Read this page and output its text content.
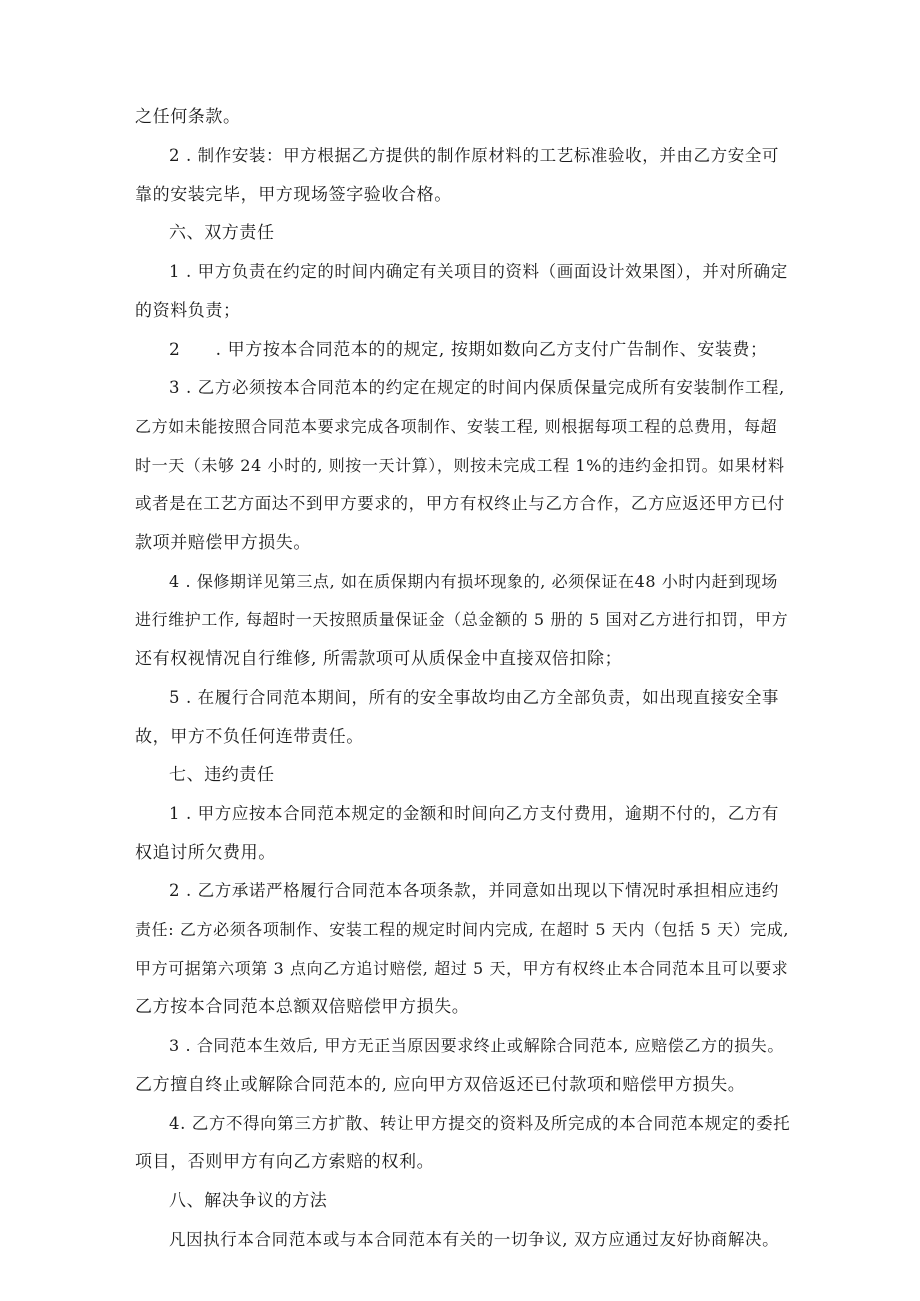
之任何条款。
2 . 制作安装：甲方根据乙方提供的制作原材料的工艺标准验收，并由乙方安全可
靠的安装完毕，甲方现场签字验收合格。
六、双方责任
1 . 甲方负责在约定的时间内确定有关项目的资料（画面设计效果图），并对所确定
的资料负责；
2　　. 甲方按本合同范本的的规定, 按期如数向乙方支付广告制作、安装费；
3 . 乙方必须按本合同范本的约定在规定的时间内保质保量完成所有安装制作工程,
乙方如未能按照合同范本要求完成各项制作、安装工程, 则根据每项工程的总费用，每超
时一天（未够 24 小时的, 则按一天计算），则按未完成工程 1%的违约金扣罚。如果材料
或者是在工艺方面达不到甲方要求的，甲方有权终止与乙方合作，乙方应返还甲方已付
款项并赔偿甲方损失。
4 . 保修期详见第三点, 如在质保期内有损坏现象的, 必须保证在48 小时内赶到现场
进行维护工作, 每超时一天按照质量保证金（总金额的 5 册的 5 国对乙方进行扣罚，甲方
还有权视情况自行维修, 所需款项可从质保金中直接双倍扣除；
5 . 在履行合同范本期间，所有的安全事故均由乙方全部负责，如出现直接安全事
故，甲方不负任何连带责任。
七、违约责任
1 . 甲方应按本合同范本规定的金额和时间向乙方支付费用，逾期不付的，乙方有
权追讨所欠费用。
2 . 乙方承诺严格履行合同范本各项条款，并同意如出现以下情况时承担相应违约
责任: 乙方必须各项制作、安装工程的规定时间内完成, 在超时 5 天内（包括 5 天）完成,
甲方可据第六项第 3 点向乙方追讨赔偿, 超过 5 天，甲方有权终止本合同范本且可以要求
乙方按本合同范本总额双倍赔偿甲方损失。
3 . 合同范本生效后, 甲方无正当原因要求终止或解除合同范本, 应赔偿乙方的损失。
乙方擅自终止或解除合同范本的, 应向甲方双倍返还已付款项和赔偿甲方损失。
4. 乙方不得向第三方扩散、转让甲方提交的资料及所完成的本合同范本规定的委托
项目，否则甲方有向乙方索赔的权利。
八、解决争议的方法
凡因执行本合同范本或与本合同范本有关的一切争议, 双方应通过友好协商解决。
